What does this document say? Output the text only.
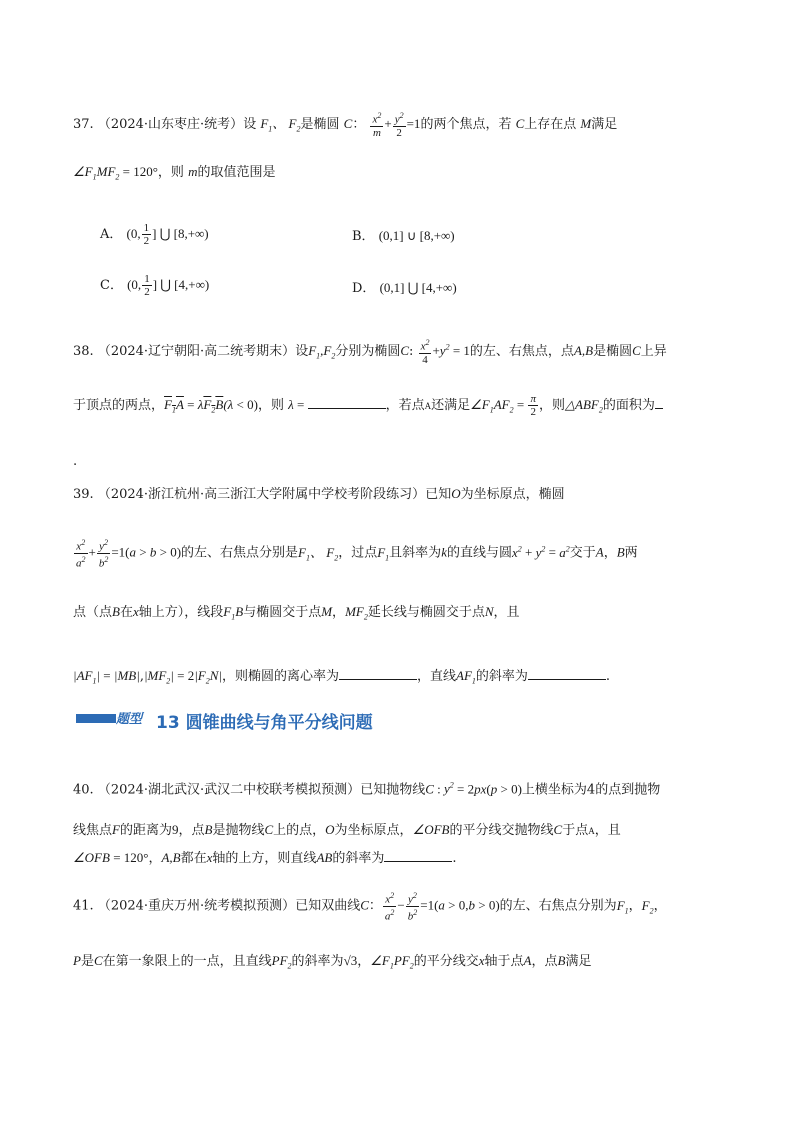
37. （2024·山东枣庄·统考）设 $F_1$、 $F_2$是椭圆 C： $\frac{x^2}{m} + \frac{y^2}{2} =1$的两个焦点，若 C上存在点 M满足
$\angle F_1MF_2 = 120^\circ$，则 m的取值范围是
A． (0, $\frac{1}{2}$ ] ⋃ [8,+∞)	B． (0,1] ∪ [8,+∞)
C． (0, $\frac{1}{2}$ ] ⋃ [4,+∞)	D． (0,1] ⋃ [4,+∞)
38. （2024·辽宁朝阳·高二统考期末）设$F_1,F_2$分别为椭圆C: $\frac{x^2}{4} +y^2 = 1$的左、右焦点，点A,B是椭圆C上异
于顶点的两点，$F_1A = \lambda F_2B(\lambda < 0)$，则 λ =	，若点A还满足$\angle F_1AF_2 = \frac{\pi}{2}$ ，则$\triangle ABF_2$的面积为
.
39. （2024·浙江杭州·高三浙江大学附属中学校考阶段练习）已知O为坐标原点，椭圆
$\frac{x^2}{a^2} + \frac{y^2}{b^2} =1(a > b > 0)$的左、右焦点分别是$F_1$、 $F_2$，过点$F_1$且斜率为k的直线与圆$x^2 + y^2 = a^2$交于A，B两
点（点B在x轴上方），线段$F_1B$与椭圆交于点M，$MF_2$延长线与椭圆交于点N，且
$|AF_1| = |MB|,|MF_2| = 2|F_2N|$，则椭圆的离心率为	，直线$AF_1$的斜率为	.
题型 13 圆锥曲线与角平分线问题
40. （2024·湖北武汉·武汉二中校联考模拟预测）已知抛物线C : $y^2 = 2px(p > 0)$上横坐标为4的点到抛物
线焦点F的距离为9，点B是抛物线C上的点，O为坐标原点，∠OFB的平分线交抛物线C于点A，且
∠OFB = 120°，A,B都在x轴的上方，则直线AB的斜率为	.
41. （2024·重庆万州·统考模拟预测）已知双曲线C： $\frac{x^2}{a^2} - \frac{y^2}{b^2} =1(a > 0,b > 0)$的左、右焦点分别为$F_1$，$F_2$，
P是C在第一象限上的一点，且直线$PF_2$的斜率为√3，$\angle F_1PF_2$的平分线交x轴于点A，点B满足
